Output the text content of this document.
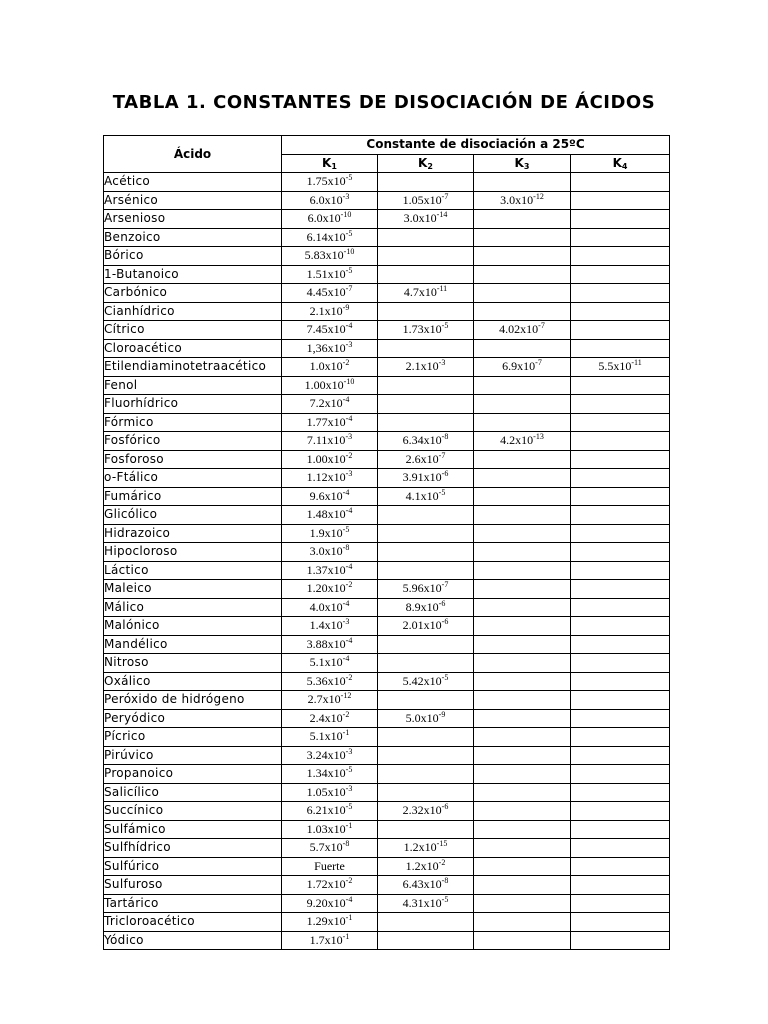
TABLA 1. CONSTANTES DE DISOCIACIÓN DE ÁCIDOS
Ácido	Constante de disociación a 25ºC			
	$K_1$	$K_2$	$K_3$	$K_4$
Acético	$1.75x10^{-5}$			
Arsénico	$6.0x10^{-3}$	$1.05x10^{-7}$	$3.0x10^{-12}$	
Arsenioso	$6.0x10^{-10}$	$3.0x10^{-14}$		
Benzoico	$6.14x10^{-5}$			
Bórico	$5.83x10^{-10}$			
1-Butanoico	$1.51x10^{-5}$			
Carbónico	$4.45x10^{-7}$	$4.7x10^{-11}$		
Cianhídrico	$2.1x10^{-9}$			
Cítrico	$7.45x10^{-4}$	$1.73x10^{-5}$	$4.02x10^{-7}$	
Cloroacético	$1,36x10^{-3}$			
Etilendiaminotetraacético	$1.0x10^{-2}$	$2.1x10^{-3}$	$6.9x10^{-7}$	$5.5x10^{-11}$
Fenol	$1.00x10^{-10}$			
Fluorhídrico	$7.2x10^{-4}$			
Fórmico	$1.77x10^{-4}$			
Fosfórico	$7.11x10^{-3}$	$6.34x10^{-8}$	$4.2x10^{-13}$	
Fosforoso	$1.00x10^{-2}$	$2.6x10^{-7}$		
o-Ftálico	$1.12x10^{-3}$	$3.91x10^{-6}$		
Fumárico	$9.6x10^{-4}$	$4.1x10^{-5}$		
Glicólico	$1.48x10^{-4}$			
Hidrazoico	$1.9x10^{-5}$			
Hipocloroso	$3.0x10^{-8}$			
Láctico	$1.37x10^{-4}$			
Maleico	$1.20x10^{-2}$	$5.96x10^{-7}$		
Málico	$4.0x10^{-4}$	$8.9x10^{-6}$		
Malónico	$1.4x10^{-3}$	$2.01x10^{-6}$		
Mandélico	$3.88x10^{-4}$			
Nitroso	$5.1x10^{-4}$			
Oxálico	$5.36x10^{-2}$	$5.42x10^{-5}$		
Peróxido de hidrógeno	$2.7x10^{-12}$			
Peryódico	$2.4x10^{-2}$	$5.0x10^{-9}$		
Pícrico	$5.1x10^{-1}$			
Pirúvico	$3.24x10^{-3}$			
Propanoico	$1.34x10^{-5}$			
Salicílico	$1.05x10^{-3}$			
Succínico	$6.21x10^{-5}$	$2.32x10^{-6}$		
Sulfámico	$1.03x10^{-1}$			
Sulfhídrico	$5.7x10^{-8}$	$1.2x10^{-15}$		
Sulfúrico	Fuerte	$1.2x10^{-2}$		
Sulfuroso	$1.72x10^{-2}$	$6.43x10^{-8}$		
Tartárico	$9.20x10^{-4}$	$4.31x10^{-5}$		
Tricloroacético	$1.29x10^{-1}$			
Yódico	$1.7x10^{-1}$			
